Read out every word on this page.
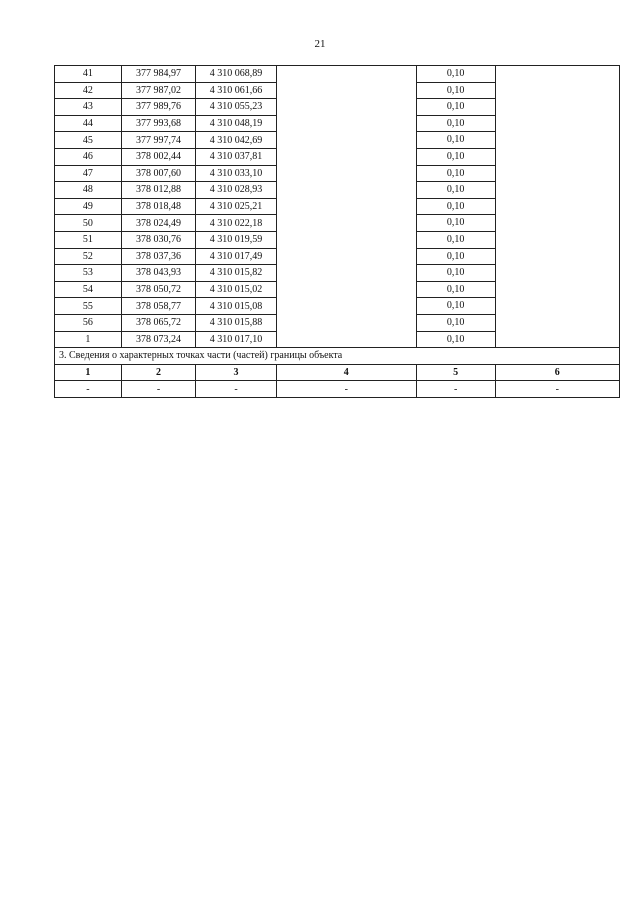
21
41	377 984,97	4 310 068,89		0,10	
42	377 987,02	4 310 061,66		0,10	
43	377 989,76	4 310 055,23		0,10	
44	377 993,68	4 310 048,19		0,10	
45	377 997,74	4 310 042,69		0,10	
46	378 002,44	4 310 037,81		0,10	
47	378 007,60	4 310 033,10		0,10	
48	378 012,88	4 310 028,93		0,10	
49	378 018,48	4 310 025,21		0,10	
50	378 024,49	4 310 022,18		0,10	
51	378 030,76	4 310 019,59		0,10	
52	378 037,36	4 310 017,49		0,10	
53	378 043,93	4 310 015,82		0,10	
54	378 050,72	4 310 015,02		0,10	
55	378 058,77	4 310 015,08		0,10	
56	378 065,72	4 310 015,88		0,10	
1	378 073,24	4 310 017,10		0,10	
3. Сведения о характерных точках части (частей) границы объекта					
1	2	3	4	5	6
-	-	-	-	-	-
